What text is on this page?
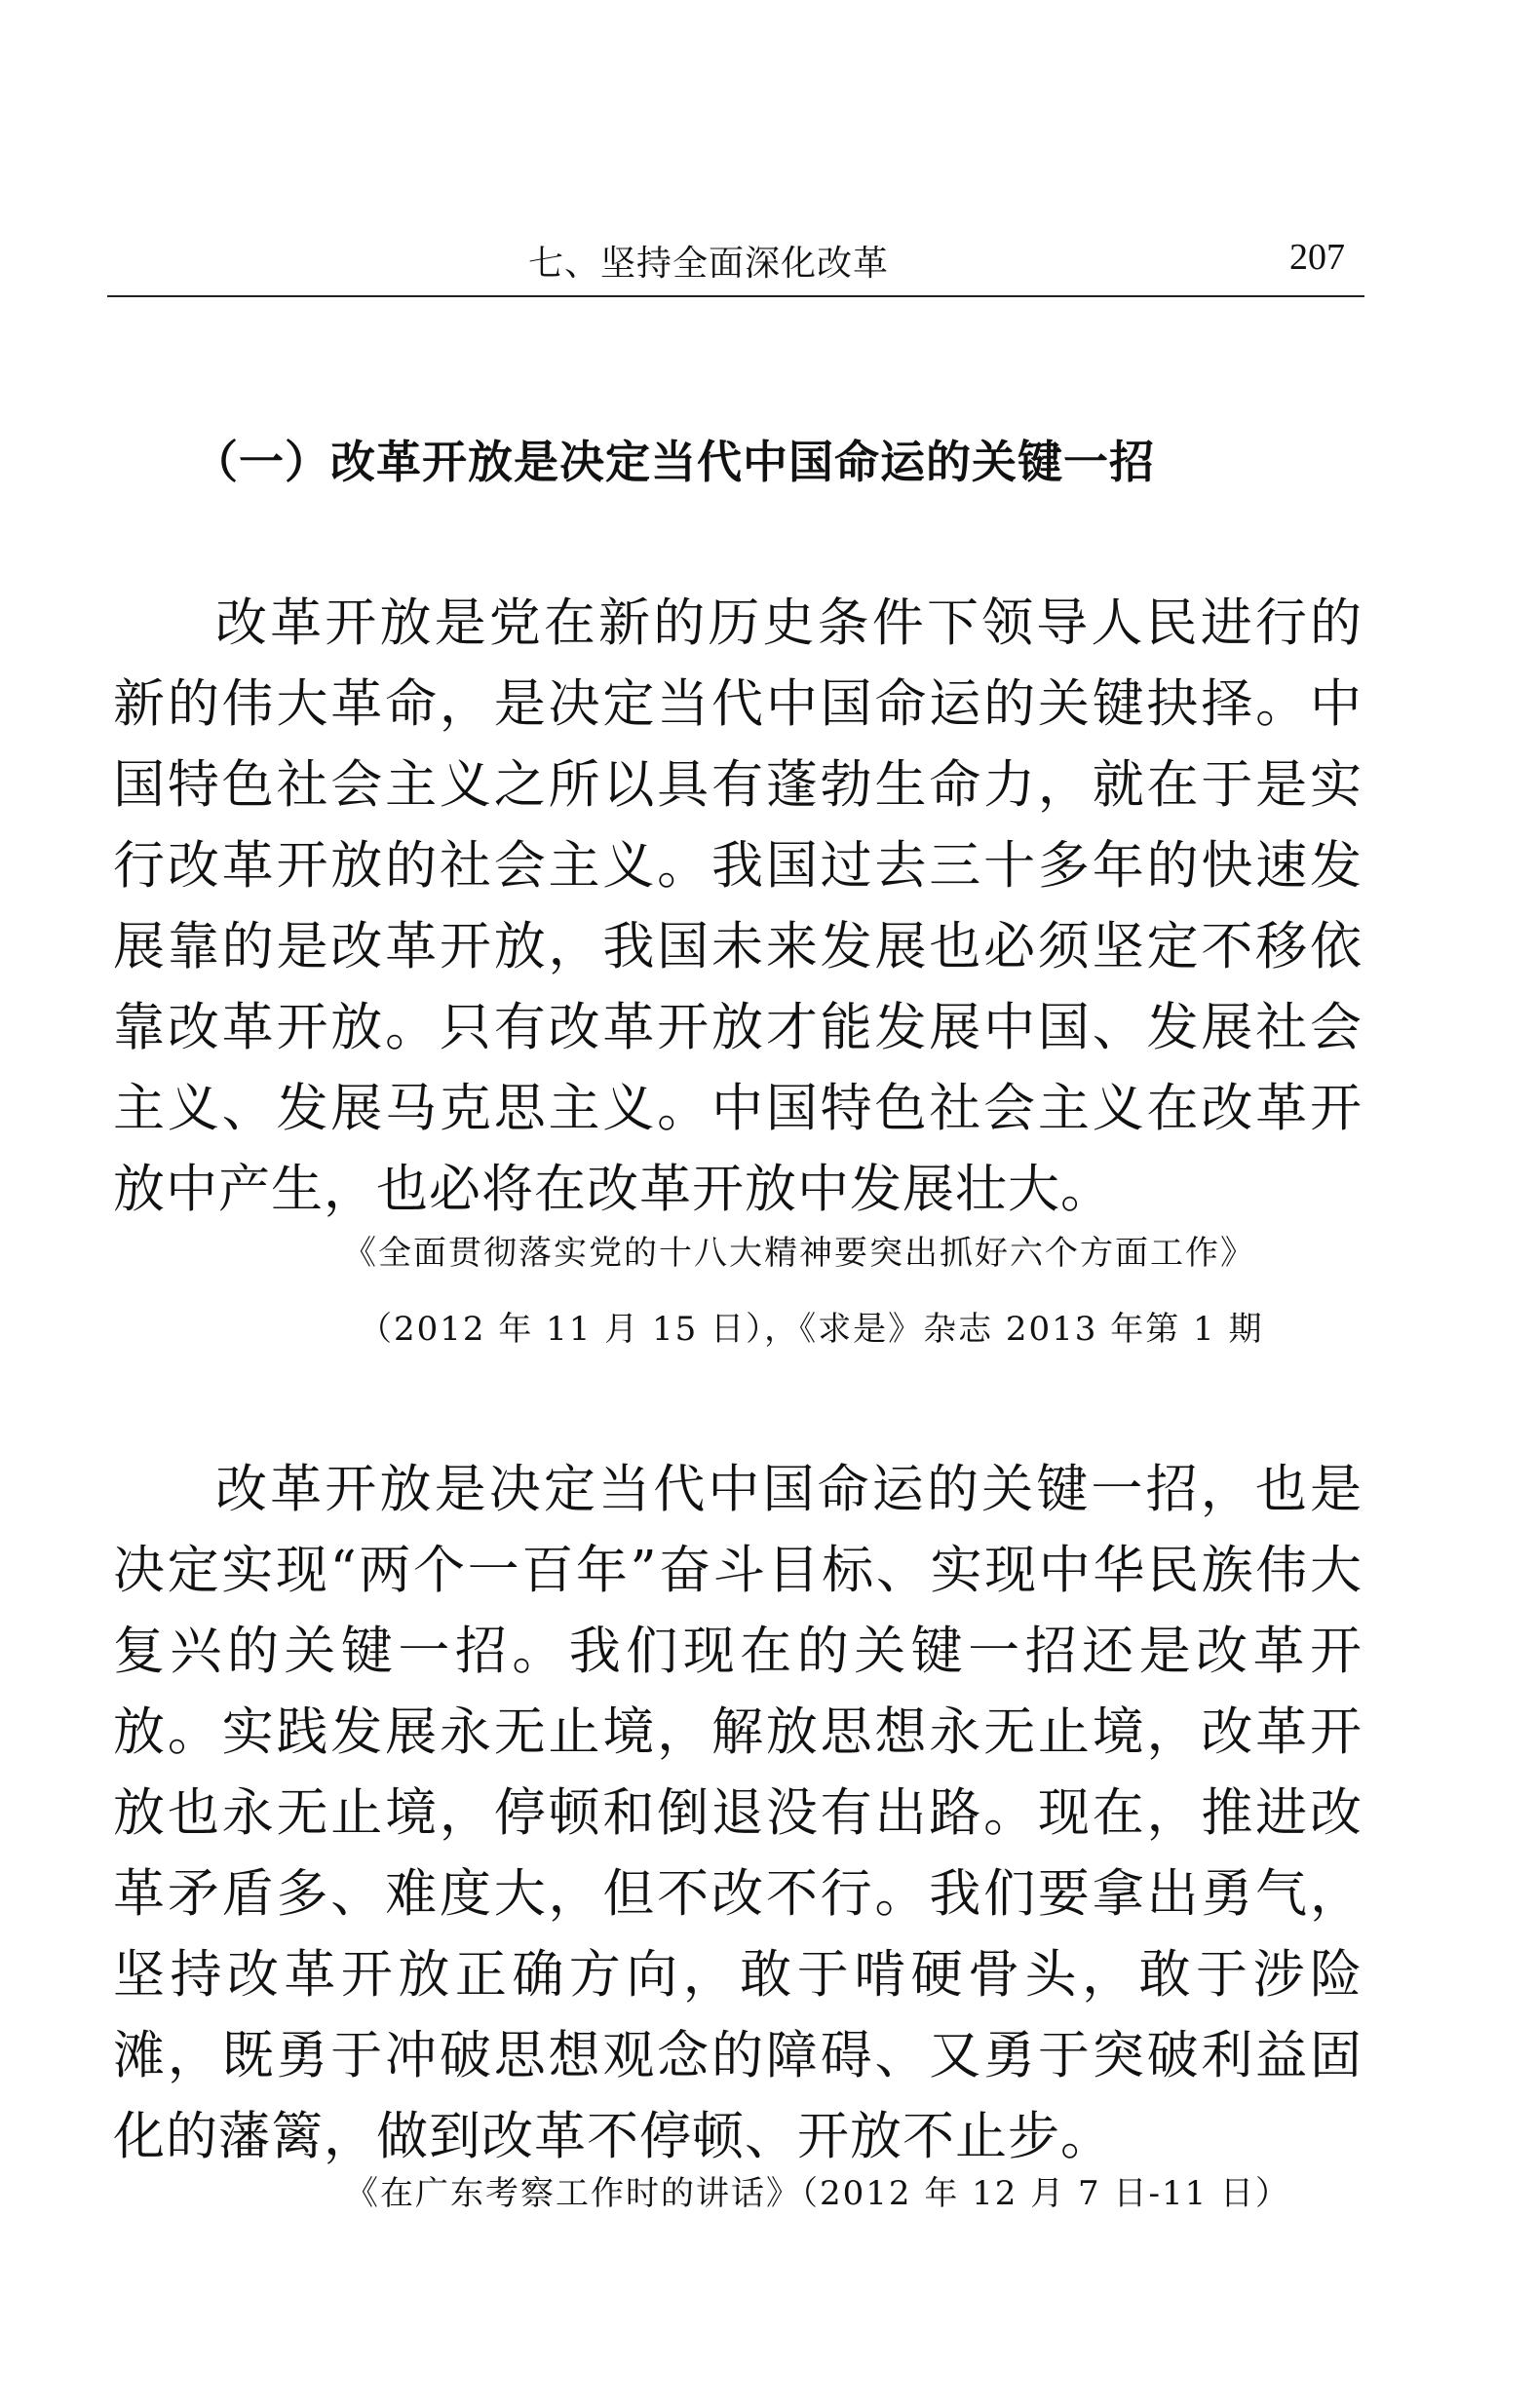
七、坚持全面深化改革	207
（一）改革开放是决定当代中国命运的关键一招

改革开放是党在新的历史条件下领导人民进行的新的伟大革命，是决定当代中国命运的关键抉择。中国特色社会主义之所以具有蓬勃生命力，就在于是实行改革开放的社会主义。我国过去三十多年的快速发展靠的是改革开放，我国未来发展也必须坚定不移依靠改革开放。只有改革开放才能发展中国、发展社会主义、发展马克思主义。中国特色社会主义在改革开放中产生，也必将在改革开放中发展壮大。

《全面贯彻落实党的十八大精神要突出抓好六个方面工作》
（2012 年 11 月 15 日），《求是》杂志 2013 年第 1 期

改革开放是决定当代中国命运的关键一招，也是决定实现“两个一百年”奋斗目标、实现中华民族伟大复兴的关键一招。我们现在的关键一招还是改革开放。实践发展永无止境，解放思想永无止境，改革开放也永无止境，停顿和倒退没有出路。现在，推进改革矛盾多、难度大，但不改不行。我们要拿出勇气，坚持改革开放正确方向，敢于啃硬骨头，敢于涉险滩，既勇于冲破思想观念的障碍、又勇于突破利益固化的藩篱，做到改革不停顿、开放不止步。

《在广东考察工作时的讲话》（2012 年 12 月 7 日-11 日）
